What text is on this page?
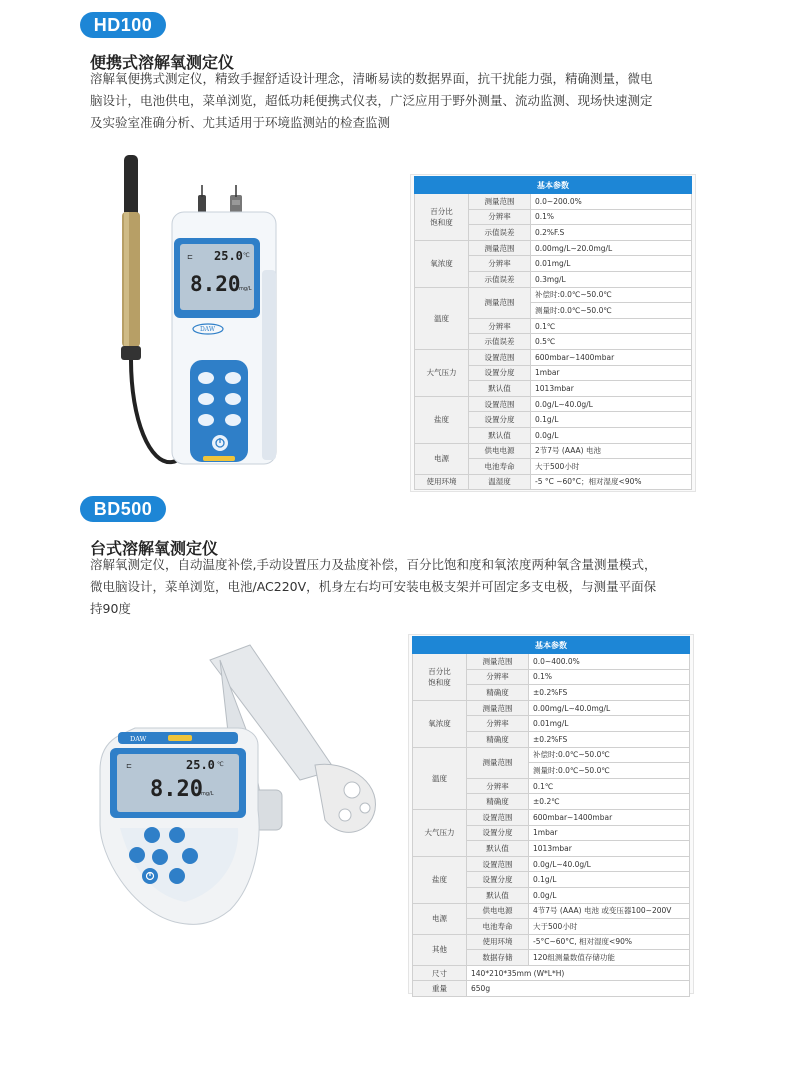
HD100
便携式溶解氧测定仪
溶解氧便携式测定仪，精致手握舒适设计理念，清晰易读的数据界面，抗干扰能力强，精确测量，微电
脑设计，电池供电，菜单浏览，超低功耗便携式仪表，广泛应用于野外测量、流动监测、现场快速测定
及实验室准确分析、尤其适用于环境监测站的检查监测
⊏ 25.0 ℃
8.20
mg/L
DAW
基本参数		
百分比
饱和度	测量范围	0.0~200.0%
	分辨率	0.1%
	示值误差	0.2%F.S
氧浓度	测量范围	0.00mg/L~20.0mg/L
	分辨率	0.01mg/L
	示值误差	0.3mg/L
温度	测量范围	补偿时:0.0℃~50.0℃
		测量时:0.0℃~50.0℃
	分辨率	0.1℃
	示值误差	0.5℃
大气压力	设置范围	600mbar~1400mbar
	设置分度	1mbar
	默认值	1013mbar
盐度	设置范围	0.0g/L~40.0g/L
	设置分度	0.1g/L
	默认值	0.0g/L
电源	供电电源	2节7号 (AAA) 电池
	电池寿命	大于500小时
使用环境	温湿度	-5 °C ~60°C；相对湿度<90%
BD500
台式溶解氧测定仪
溶解氧测定仪，自动温度补偿,手动设置压力及盐度补偿，百分比饱和度和氧浓度两种氧含量测量模式，
微电脑设计，菜单浏览，电池/AC220V，机身左右均可安装电极支架并可固定多支电极，与测量平面保
持90度
DAW
⊏	25.0 ℃
8.20
mg/L
基本参数		
百分比
饱和度	测量范围	0.0~400.0%
	分辨率	0.1%
	精确度	±0.2%FS
氧浓度	测量范围	0.00mg/L~40.0mg/L
	分辨率	0.01mg/L
	精确度	±0.2%FS
温度	测量范围	补偿时:0.0℃~50.0℃
		测量时:0.0℃~50.0℃
	分辨率	0.1℃
	精确度	±0.2℃
大气压力	设置范围	600mbar~1400mbar
	设置分度	1mbar
	默认值	1013mbar
盐度	设置范围	0.0g/L~40.0g/L
	设置分度	0.1g/L
	默认值	0.0g/L
电源	供电电源	4节7号 (AAA) 电池 或变压器100~200V
	电池寿命	大于500小时
其他	使用环境	-5°C~60°C, 相对湿度<90%
	数据存储	120组测量数值存储功能
尺寸	140*210*35mm (W*L*H)	
重量	650g	
